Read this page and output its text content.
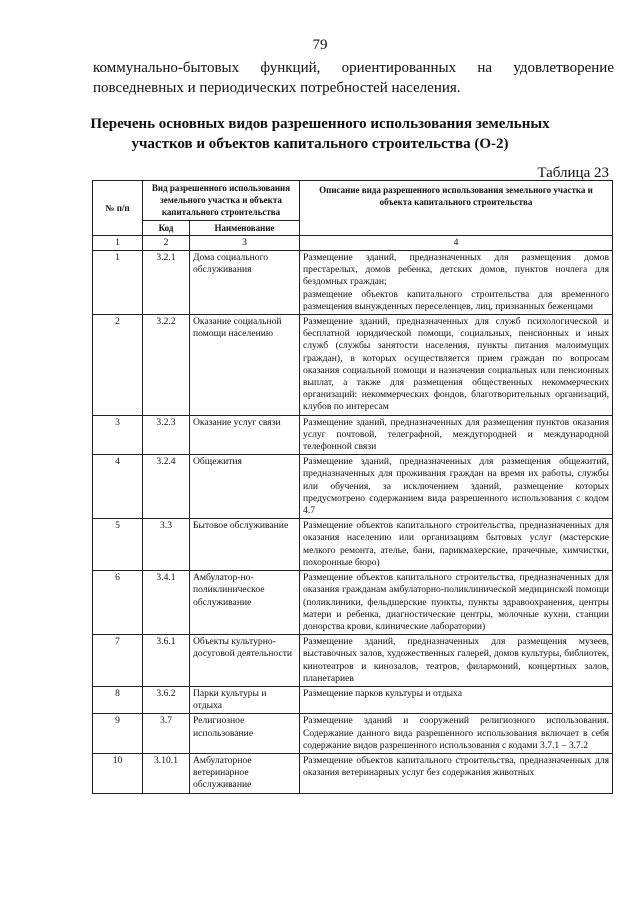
79
коммунально-бытовых функций, ориентированных на удовлетворение
повседневных и периодических потребностей населения.
Перечень основных видов разрешенного использования земельных
участков и объектов капитального строительства (О-2)
Таблица 23
№ п/п	Вид разрешенного использования земельного участка и объекта капитального строительства		Описание вида разрешенного использования земельного участка и объекта капитального строительства
	Код	Наименование	
1	2	3	4
1	3.2.1	Дома социального обслуживания	Размещение зданий, предназначенных для размещения домов престарелых, домов ребенка, детских домов, пунктов ночлега для бездомных граждан;
размещение объектов капитального строительства для временного размещения вынужденных переселенцев, лиц, признанных беженцами

2	3.2.2	Оказание социальной помощи населению	Размещение зданий, предназначенных для служб психологической и бесплатной юридической помощи, социальных, пенсионных и иных служб (службы занятости населения, пункты питания малоимущих граждан), в которых осуществляется прием граждан по вопросам оказания социальной помощи и назначения социальных или пенсионных выплат, а также для размещения общественных некоммерческих организаций: некоммерческих фондов, благотворительных организаций, клубов по интересам

3	3.2.3	Оказание услуг связи	Размещение зданий, предназначенных для размещения пунктов оказания услуг почтовой, телеграфной, междугородней и международной телефонной связи

4	3.2.4	Общежития	Размещение зданий, предназначенных для размещения общежитий, предназначенных для проживания граждан на время их работы, службы или обучения, за исключением зданий, размещение которых предусмотрено содержанием вида разрешенного использования с кодом 4.7

5	3.3	Бытовое обслуживание	Размещение объектов капитального строительства, предназначенных для оказания населению или организациям бытовых услуг (мастерские мелкого ремонта, ателье, бани, парикмахерские, прачечные, химчистки, похоронные бюро)

6	3.4.1	Амбулатор-но-поликлиническое обслуживание	Размещение объектов капитального строительства, предназначенных для оказания гражданам амбулаторно-поликлинической медицинской помощи (поликлиники, фельдшерские пункты, пункты здравоохранения, центры матери и ребенка, диагностические центры, молочные кухни, станции донорства крови, клинические лаборатории)

7	3.6.1	Объекты культурно-досуговой деятельности	Размещение зданий, предназначенных для размещения музеев, выставочных залов, художественных галерей, домов культуры, библиотек, кинотеатров и кинозалов, театров, филармоний, концертных залов, планетариев

8	3.6.2	Парки культуры и отдыха	Размещение парков культуры и отдыха

9	3.7	Религиозное использование	Размещение зданий и сооружений религиозного использования. Содержание данного вида разрешенного использования включает в себя содержание видов разрешенного использования с кодами 3.7.1 – 3.7.2

10	3.10.1	Амбулаторное ветеринарное обслуживание	Размещение объектов капитального строительства, предназначенных для оказания ветеринарных услуг без содержания животных
